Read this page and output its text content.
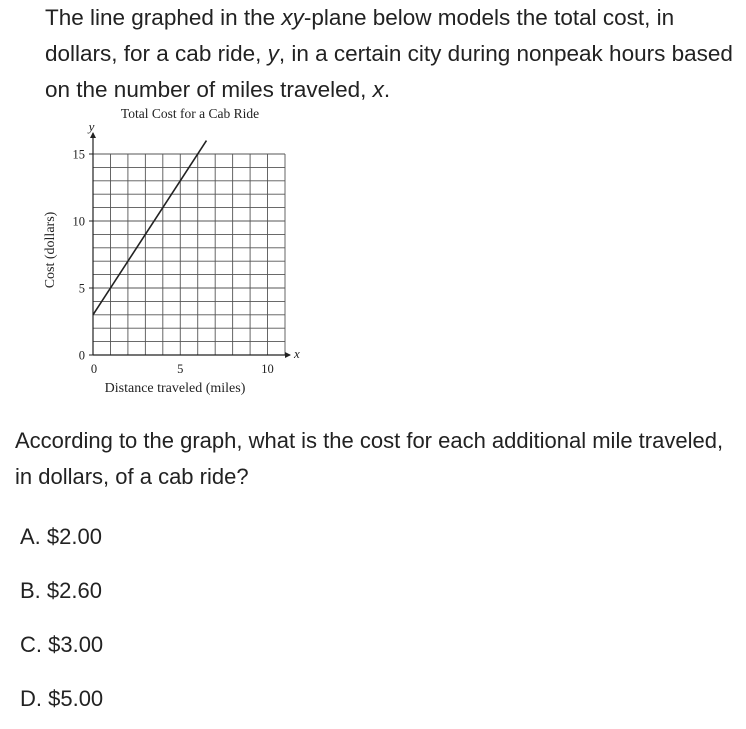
The line graphed in the xy-plane below models the total cost, in dollars, for a cab ride, y, in a certain city during nonpeak hours based on the number of miles traveled, x.

Total Cost for a Cab Ride
0
5
10
15
0	5	10
y
x
Distance traveled (miles)
Cost (dollars)

According to the graph, what is the cost for each additional mile traveled, in dollars, of a cab ride?

A. $2.00
B. $2.60
C. $3.00
D. $5.00
